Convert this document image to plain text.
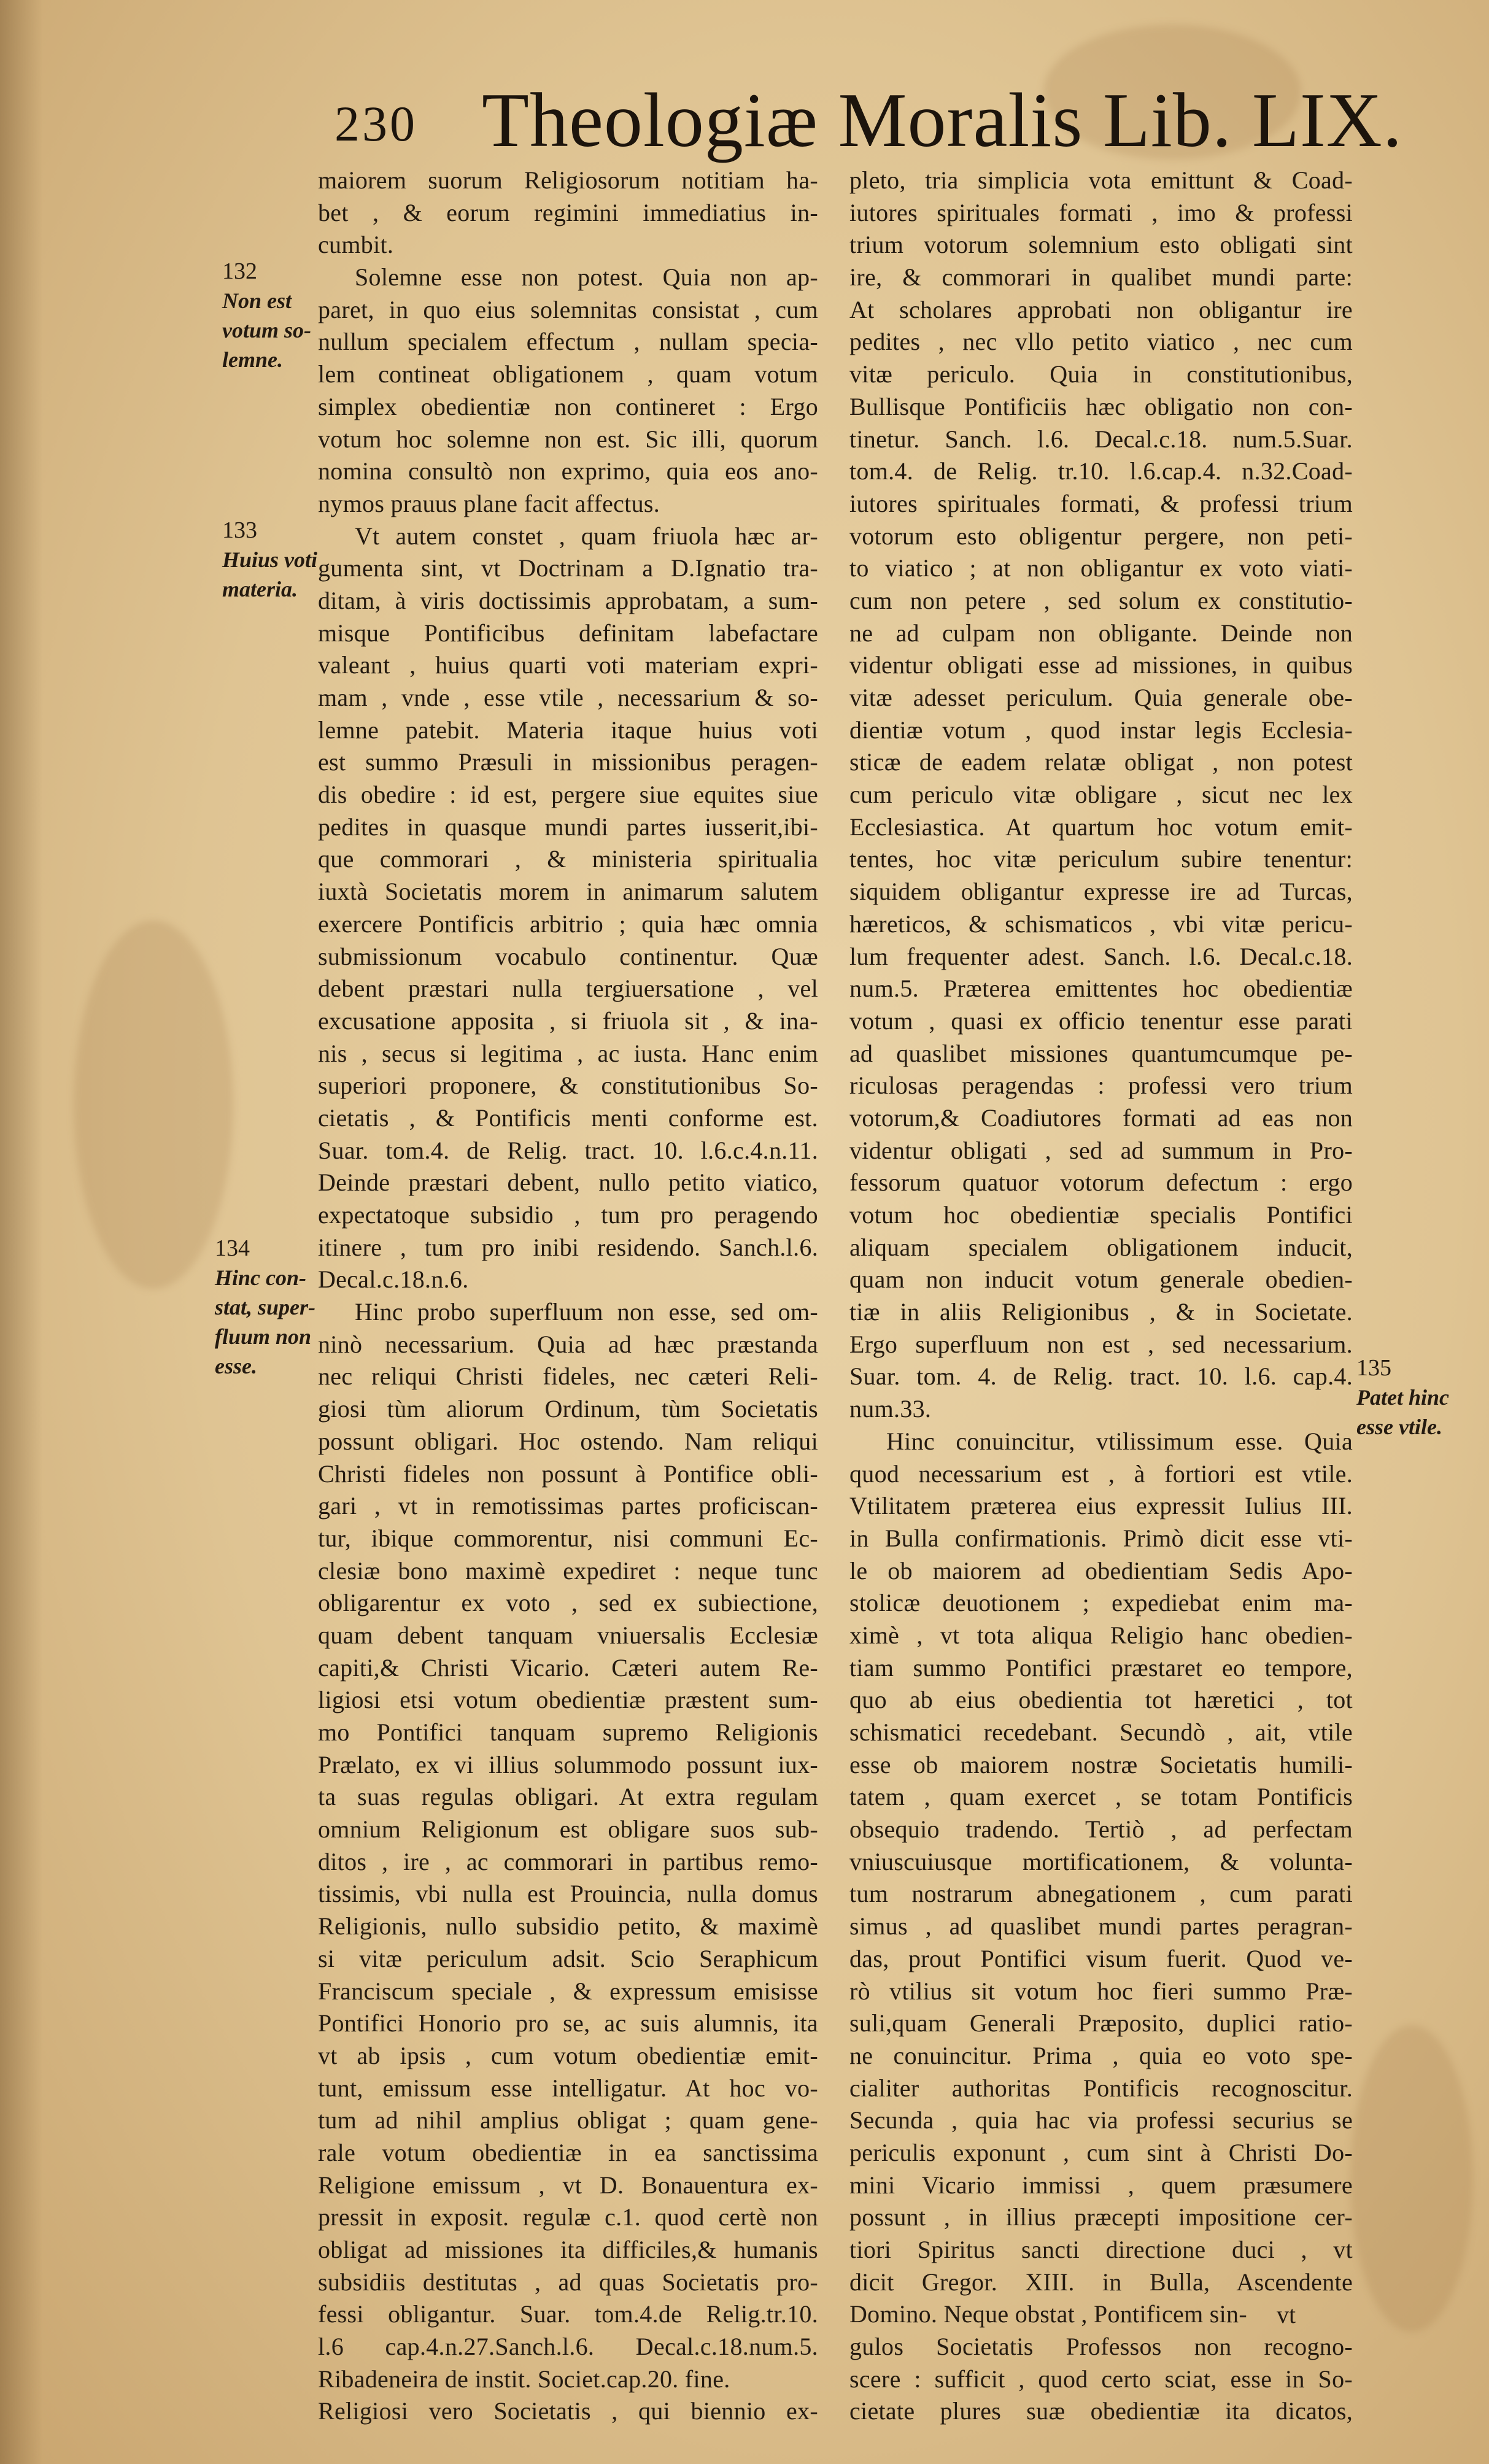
230 Theologiæ Moralis Lib. LIX.
132
Non est
votum so-
lemne.
133
Huius voti
materia.
134
Hinc con-
stat, super-
fluum non
esse.	135
Patet hinc
esse vtile.
maiorem suorum Religiosorum notitiam ha-
bet , & eorum regimini immediatius in-
cumbit.
Solemne esse non potest. Quia non ap-
paret, in quo eius solemnitas consistat , cum
nullum specialem effectum , nullam speciа-
lem contineat obligationem , quam votum
simplex obedientiæ non contineret : Ergo
votum hoc solemne non est. Sic illi, quorum
nomina consultò non exprimo, quia eos ano-
nymos prauus plane facit affectus.
Vt autem constet , quam friuola hæc ar-
gumenta sint, vt Doctrinam a D.Ignatio tra-
ditam, à viris doctissimis approbatam, a sum-
misque Pontificibus definitam labefactare
valeant , huius quarti voti materiam expri-
mam , vnde , esse vtile , necessarium & so-
lemne patebit. Materia itaque huius voti
est summo Præsuli in missionibus peragen-
dis obedire : id est, pergere siue equites siue
pedites in quasque mundi partes iusserit,ibi-
que commorari , & ministeria spiritualia
iuxtà Societatis morem in animarum salutem
exercere Pontificis arbitrio ; quia hæc omnia
submissionum vocabulo continentur. Quæ
debent præstari nulla tergiuersatione , vel
excusatione apposita , si friuola sit , & ina-
nis , secus si legitima , ac iusta. Hanc enim
superiori proponere, & constitutionibus So-
cietatis , & Pontificis menti conforme est.
Suar. tom.4. de Relig. tract. 10. l.6.c.4.n.11.
Deinde præstari debent, nullo petito viatico,
expectatoque subsidio , tum pro peragendo
itinere , tum pro inibi residendo. Sanch.l.6.
Decal.c.18.n.6.
Hinc probo superfluum non esse, sed om-
ninò necessarium. Quia ad hæc præstanda
nec reliqui Christi fideles, nec cæteri Reli-
giosi tùm aliorum Ordinum, tùm Societatis
possunt obligari. Hoc ostendo. Nam reliqui
Christi fideles non possunt à Pontifice obli-
gari , vt in remotissimas partes proficiscan-
tur, ibique commorentur, nisi communi Ec-
clesiæ bono maximè expediret : neque tunc
obligarentur ex voto , sed ex subiectione,
quam debent tanquam vniuersalis Ecclesiæ
capiti,& Christi Vicario. Cæteri autem Re-
ligiosi etsi votum obedientiæ præstent sum-
mo Pontifici tanquam supremo Religionis
Prælato, ex vi illius solummodo possunt iux-
ta suas regulas obligari. At extra regulam
omnium Religionum est obligare suos sub-
ditos , ire , ac commorari in partibus remo-
tissimis, vbi nulla est Prouincia, nulla domus
Religionis, nullo subsidio petito, & maximè
si vitæ periculum adsit. Scio Seraphicum
Franciscum speciale , & expressum emisisse
Pontifici Honorio pro se, ac suis alumnis, ita
vt ab ipsis , cum votum obedientiæ emit-
tunt, emissum esse intelligatur. At hoc vo-
tum ad nihil amplius obligat ; quam gene-
rale votum obedientiæ in ea sanctissima
Religione emissum , vt D. Bonauentura ex-
pressit in exposit. regulæ c.1. quod certè non
obligat ad missiones ita difficiles,& humanis
subsidiis destitutas , ad quas Societatis pro-
fessi obligantur. Suar. tom.4.de Relig.tr.10.
l.6 cap.4.n.27.Sanch.l.6. Decal.c.18.num.5.
Ribadeneira de instit. Societ.cap.20. fine.
Religiosi vero Societatis , qui biennio ex-
pleto, tria simplicia vota emittunt & Coad-
iutores spirituales formati , imo & professi
trium votorum solemnium esto obligati sint
ire, & commorari in qualibet mundi parte:
At scholares approbati non obligantur ire
pedites , nec vllo petito viatico , nec cum
vitæ periculo. Quia in constitutionibus,
Bullisque Pontificiis hæc obligatio non con-
tinetur. Sanch. l.6. Decal.c.18. num.5.Suar.
tom.4. de Relig. tr.10. l.6.cap.4. n.32.Coad-
iutores spirituales formati, & professi trium
votorum esto obligentur pergere, non peti-
to viatico ; at non obligantur ex voto viati-
cum non petere , sed solum ex constitutio-
ne ad culpam non obligante. Deinde non
videntur obligati esse ad missiones, in quibus
vitæ adesset periculum. Quia generale obe-
dientiæ votum , quod instar legis Ecclesia-
sticæ de eadem relatæ obligat , non potest
cum periculo vitæ obligare , sicut nec lex
Ecclesiastica. At quartum hoc votum emit-
tentes, hoc vitæ periculum subire tenentur:
siquidem obligantur expresse ire ad Turcas,
hæreticos, & schismaticos , vbi vitæ pericu-
lum frequenter adest. Sanch. l.6. Decal.c.18.
num.5. Præterea emittentes hoc obedientiæ
votum , quasi ex officio tenentur esse parati
ad quaslibet missiones quantumcumque pe-
riculosas peragendas : professi vero trium
votorum,& Coadiutores formati ad eas non
videntur obligati , sed ad summum in Pro-
fessorum quatuor votorum defectum : ergo
votum hoc obedientiæ specialis Pontifici
aliquam specialem obligationem inducit,
quam non inducit votum generale obedien-
tiæ in aliis Religionibus , & in Societate.
Ergo superfluum non est , sed necessarium.
Suar. tom. 4. de Relig. tract. 10. l.6. cap.4.
num.33.
Hinc conuincitur, vtilissimum esse. Quia
quod necessarium est , à fortiori est vtile.
Vtilitatem præterea eius expressit Iulius III.
in Bulla confirmationis. Primò dicit esse vti-
le ob maiorem ad obedientiam Sedis Apo-
stolicæ deuotionem ; expediebat enim ma-
ximè , vt tota aliqua Religio hanc obedien-
tiam summo Pontifici præstaret eo tempore,
quo ab eius obedientia tot hæretici , tot
schismatici recedebant. Secundò , ait, vtile
esse ob maiorem nostræ Societatis humili-
tatem , quam exercet , se totam Pontificis
obsequio tradendo. Tertiò , ad perfectam
vniuscuiusque mortificationem, & volunta-
tum nostrarum abnegationem , cum parati
simus , ad quaslibet mundi partes peragran-
das, prout Pontifici visum fuerit. Quod ve-
rò vtilius sit votum hoc fieri summo Præ-
suli,quam Generali Præposito, duplici ratio-
ne conuincitur. Prima , quia eo voto spe-
cialiter authoritas Pontificis recognoscitur.
Secunda , quia hac via professi securius se
periculis exponunt , cum sint à Christi Do-
mini Vicario immissi , quem præsumere
possunt , in illius præcepti impositione cer-
tiori Spiritus sancti directione duci , vt
dicit Gregor. XIII. in Bulla, Ascendente
Domino. Neque obstat , Pontificem sin-
gulos Societatis Professos non recogno-
scere : sufficit , quod certo sciat, esse in So-
cietate plures suæ obedientiæ ita dicatos,
vt
